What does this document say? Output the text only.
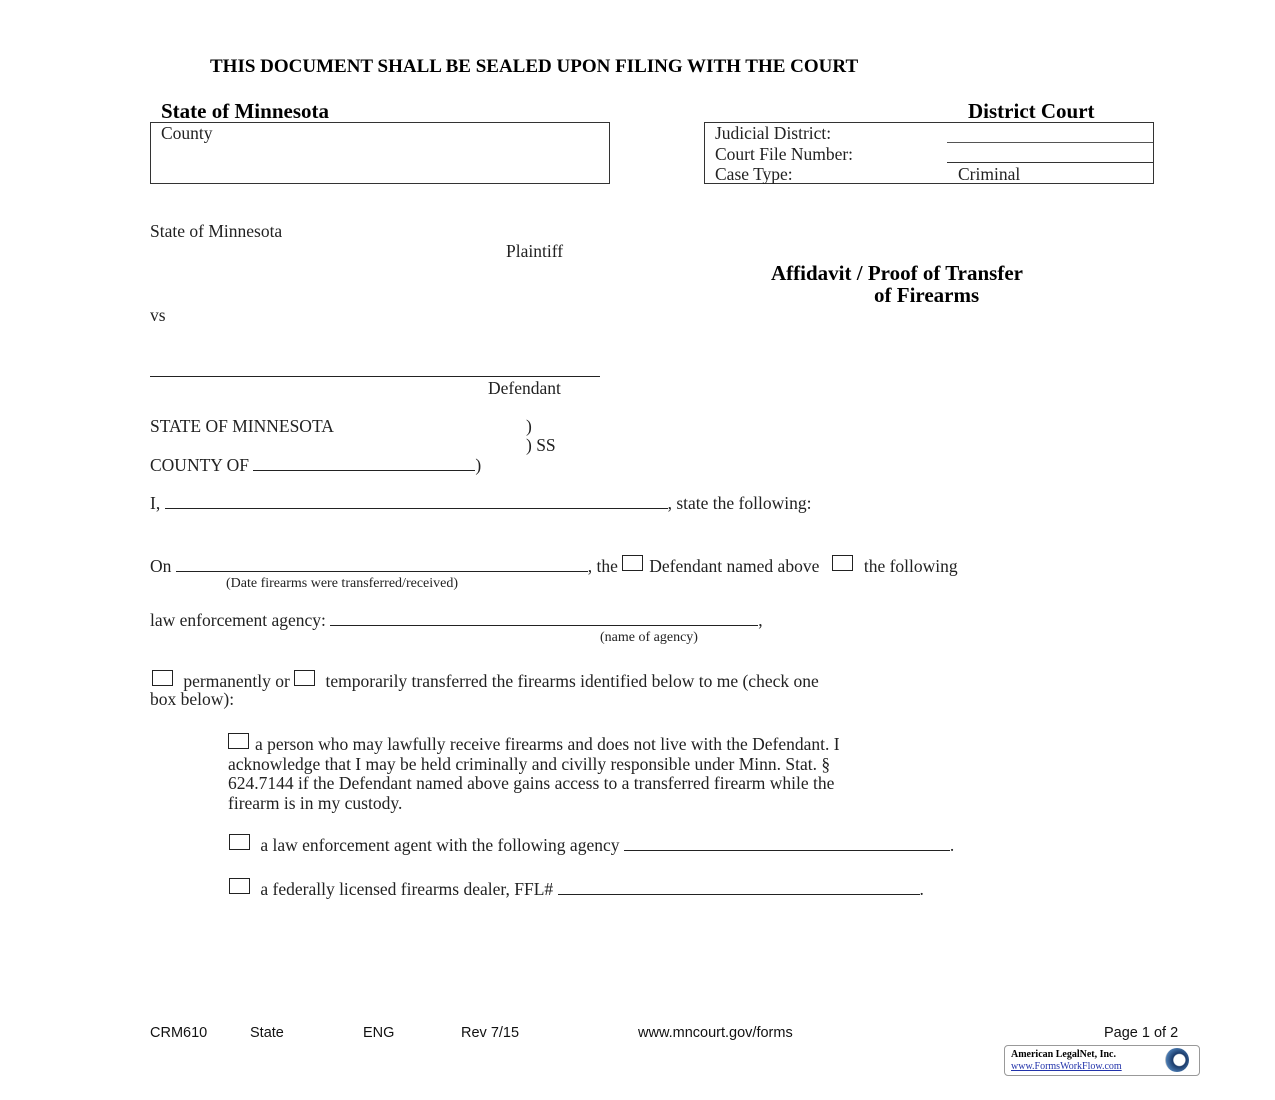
THIS DOCUMENT SHALL BE SEALED UPON FILING WITH THE COURT
State of Minnesota	District Court
County	Judicial District:
Court File Number:
Case Type:	Criminal
State of Minnesota
Plaintiff
Affidavit / Proof of Transfer
of Firearms
vs
Defendant
STATE OF MINNESOTA	)
) SS
COUNTY OF	)
I,	, state the following:
On	, the Defendant named above	the following
(Date firearms were transferred/received)
law enforcement agency:	,
(name of agency)
permanently or temporarily transferred the firearms identified below to me (check one
box below):
a person who may lawfully receive firearms and does not live with the Defendant. I
acknowledge that I may be held criminally and civilly responsible under Minn. Stat. §
624.7144 if the Defendant named above gains access to a transferred firearm while the
firearm is in my custody.
a law enforcement agent with the following agency	.
a federally licensed firearms dealer, FFL#	.
CRM610	State	ENG	Rev 7/15	www.mncourt.gov/forms	Page 1 of 2
American LegalNet, Inc.
www.FormsWorkFlow.com
